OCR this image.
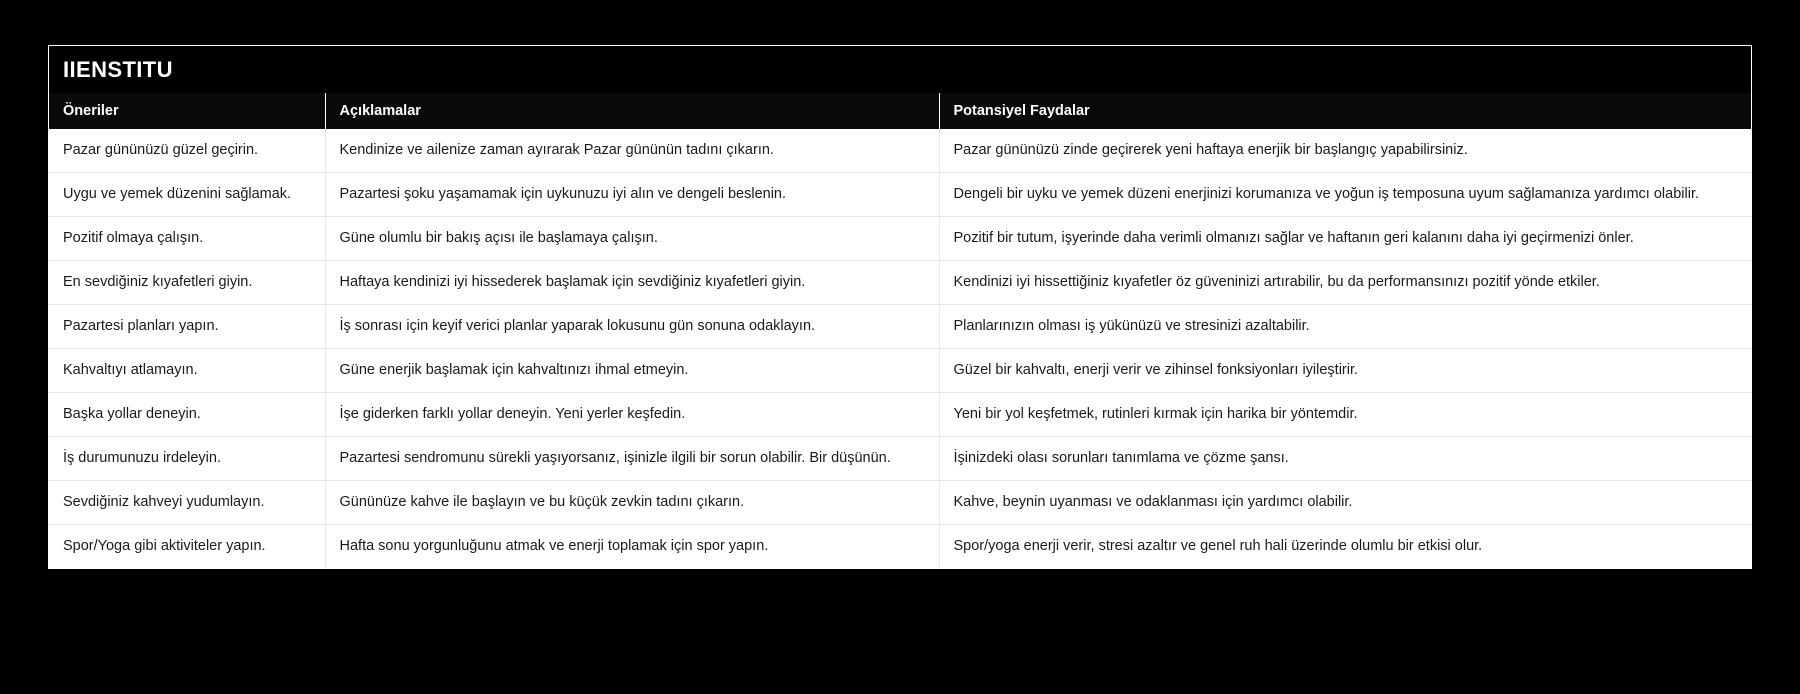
IIENSTITU
Öneriler	Açıklamalar	Potansiyel Faydalar
Pazar gününüzü güzel geçirin.	Kendinize ve ailenize zaman ayırarak Pazar gününün tadını çıkarın.	Pazar gününüzü zinde geçirerek yeni haftaya enerjik bir başlangıç yapabilirsiniz.
Uygu ve yemek düzenini sağlamak.	Pazartesi şoku yaşamamak için uykunuzu iyi alın ve dengeli beslenin.	Dengeli bir uyku ve yemek düzeni enerjinizi korumanıza ve yoğun iş temposuna uyum sağlamanıza yardımcı olabilir.
Pozitif olmaya çalışın.	Güne olumlu bir bakış açısı ile başlamaya çalışın.	Pozitif bir tutum, işyerinde daha verimli olmanızı sağlar ve haftanın geri kalanını daha iyi geçirmenizi önler.
En sevdiğiniz kıyafetleri giyin.	Haftaya kendinizi iyi hissederek başlamak için sevdiğiniz kıyafetleri giyin.	Kendinizi iyi hissettiğiniz kıyafetler öz güveninizi artırabilir, bu da performansınızı pozitif yönde etkiler.
Pazartesi planları yapın.	İş sonrası için keyif verici planlar yaparak lokusunu gün sonuna odaklayın.	Planlarınızın olması iş yükünüzü ve stresinizi azaltabilir.
Kahvaltıyı atlamayın.	Güne enerjik başlamak için kahvaltınızı ihmal etmeyin.	Güzel bir kahvaltı, enerji verir ve zihinsel fonksiyonları iyileştirir.
Başka yollar deneyin.	İşe giderken farklı yollar deneyin. Yeni yerler keşfedin.	Yeni bir yol keşfetmek, rutinleri kırmak için harika bir yöntemdir.
İş durumunuzu irdeleyin.	Pazartesi sendromunu sürekli yaşıyorsanız, işinizle ilgili bir sorun olabilir. Bir düşünün.	İşinizdeki olası sorunları tanımlama ve çözme şansı.
Sevdiğiniz kahveyi yudumlayın.	Gününüze kahve ile başlayın ve bu küçük zevkin tadını çıkarın.	Kahve, beynin uyanması ve odaklanması için yardımcı olabilir.
Spor/Yoga gibi aktiviteler yapın.	Hafta sonu yorgunluğunu atmak ve enerji toplamak için spor yapın.	Spor/yoga enerji verir, stresi azaltır ve genel ruh hali üzerinde olumlu bir etkisi olur.
